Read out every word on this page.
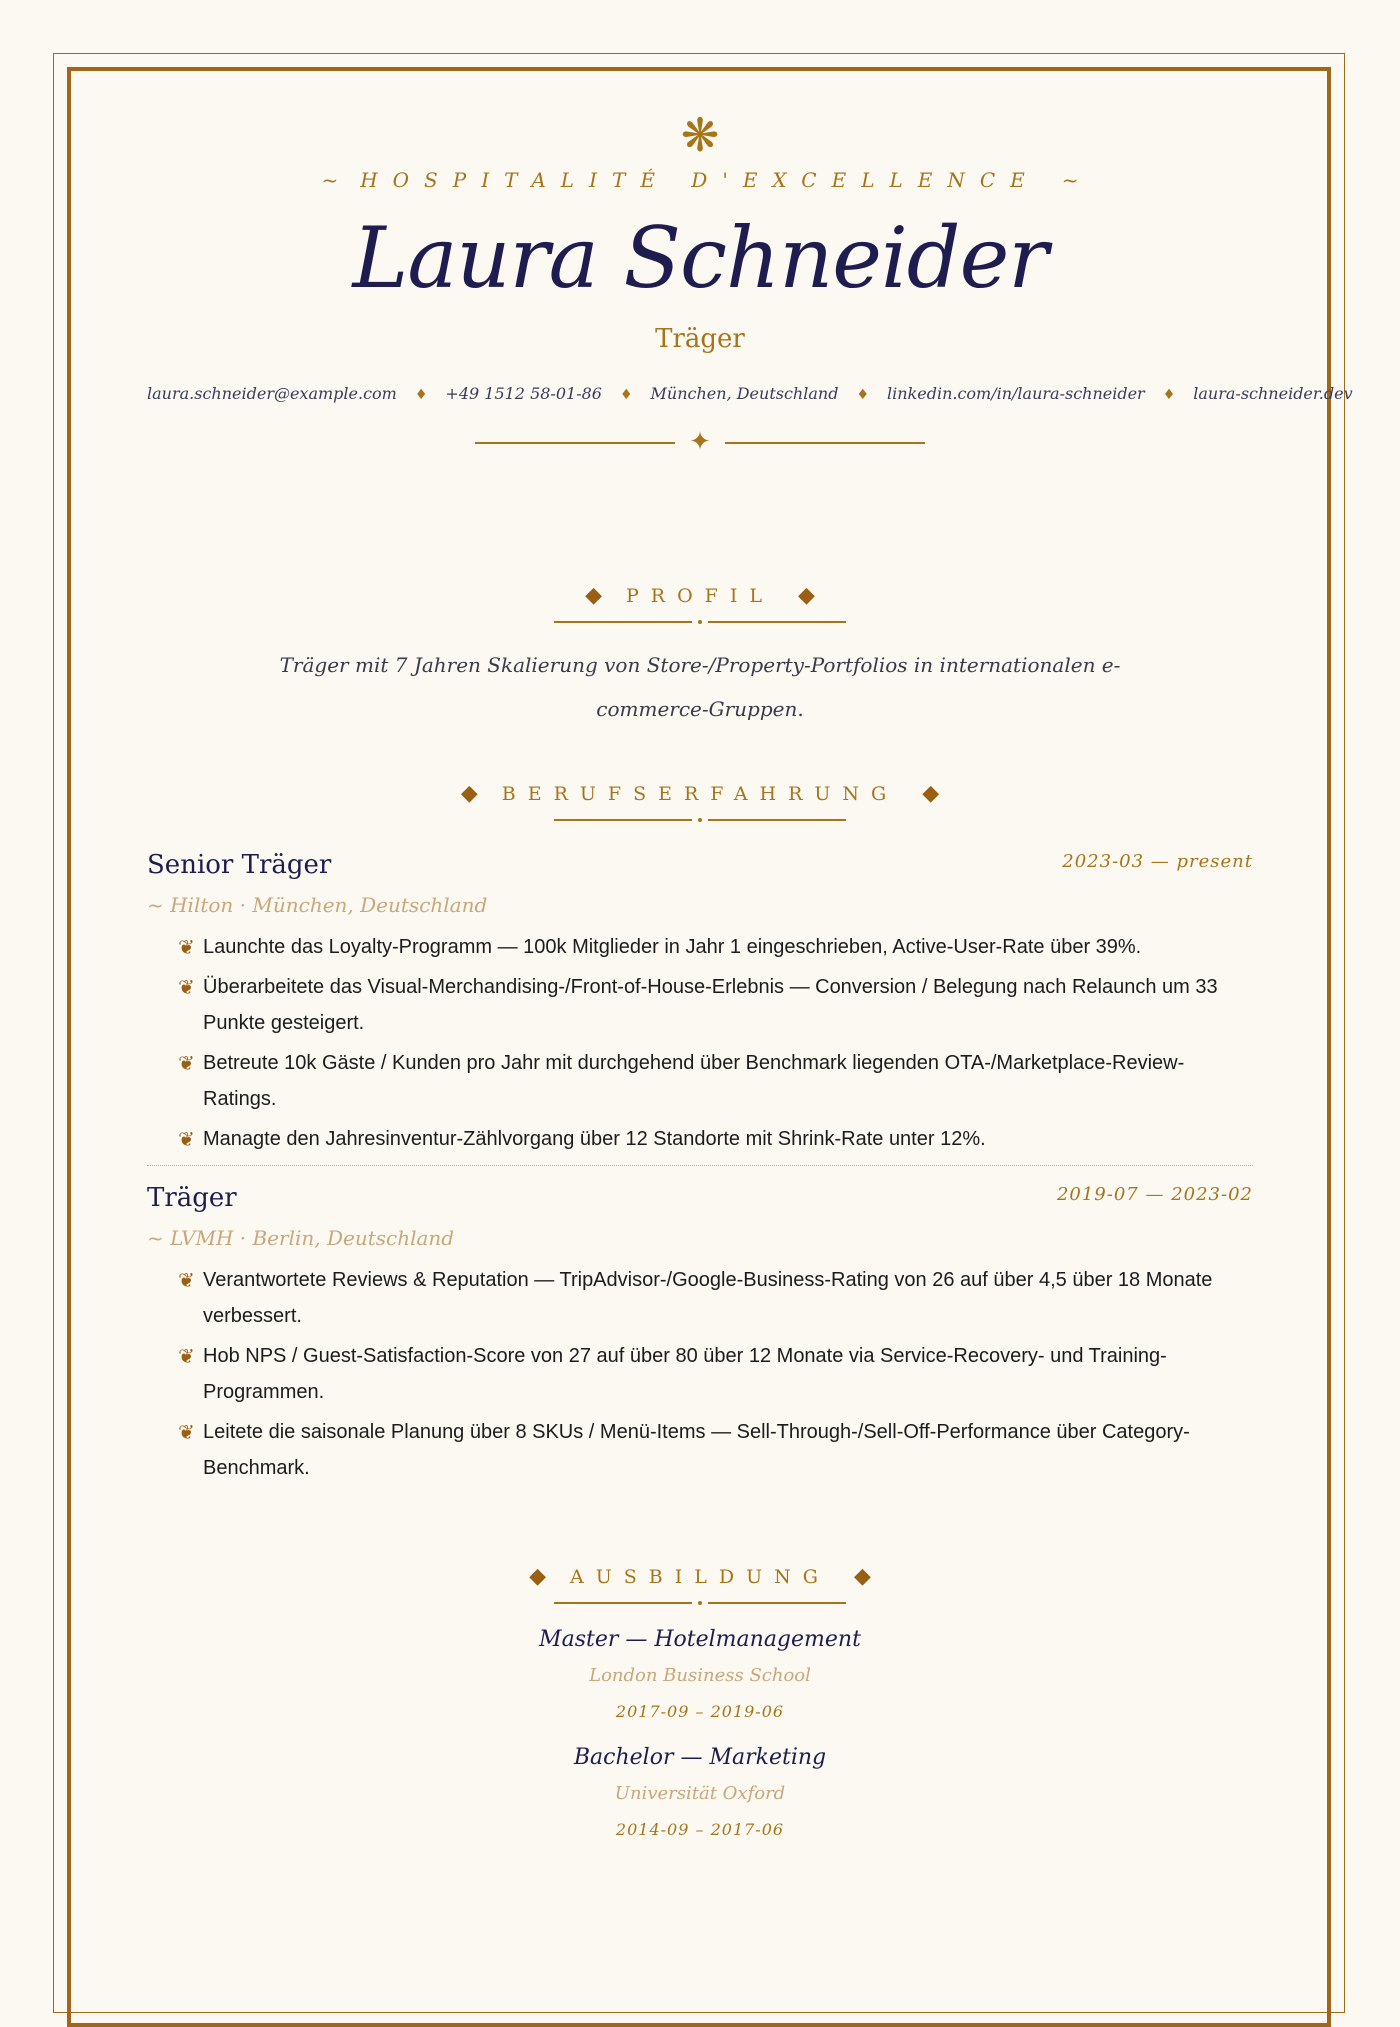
❋
~ HOSPITALITÉ D'EXCELLENCE ~
Laura Schneider
Träger
laura.schneider@example.com ♦ +49 1512 58-01-86 ♦ München, Deutschland ♦ linkedin.com/in/laura-schneider ♦ laura-schneider.dev
✦
◆ PROFIL ◆
Träger mit 7 Jahren Skalierung von Store-/Property-Portfolios in internationalen e-commerce-Gruppen.
◆ BERUFSERFAHRUNG ◆
Senior Träger	2023-03 — present
~ Hilton · München, Deutschland
❦ Launchte das Loyalty-Programm — 100k Mitglieder in Jahr 1 eingeschrieben, Active-User-Rate über 39%.
❦ Überarbeitete das Visual-Merchandising-/Front-of-House-Erlebnis — Conversion / Belegung nach Relaunch um 33 Punkte gesteigert.
❦ Betreute 10k Gäste / Kunden pro Jahr mit durchgehend über Benchmark liegenden OTA-/Marketplace-Review-Ratings.
❦ Managte den Jahresinventur-Zählvorgang über 12 Standorte mit Shrink-Rate unter 12%.
Träger	2019-07 — 2023-02
~ LVMH · Berlin, Deutschland
❦ Verantwortete Reviews & Reputation — TripAdvisor-/Google-Business-Rating von 26 auf über 4,5 über 18 Monate verbessert.
❦ Hob NPS / Guest-Satisfaction-Score von 27 auf über 80 über 12 Monate via Service-Recovery- und Training-Programmen.
❦ Leitete die saisonale Planung über 8 SKUs / Menü-Items — Sell-Through-/Sell-Off-Performance über Category-Benchmark.
◆ AUSBILDUNG ◆
Master — Hotelmanagement
London Business School
2017-09 – 2019-06
Bachelor — Marketing
Universität Oxford
2014-09 – 2017-06
